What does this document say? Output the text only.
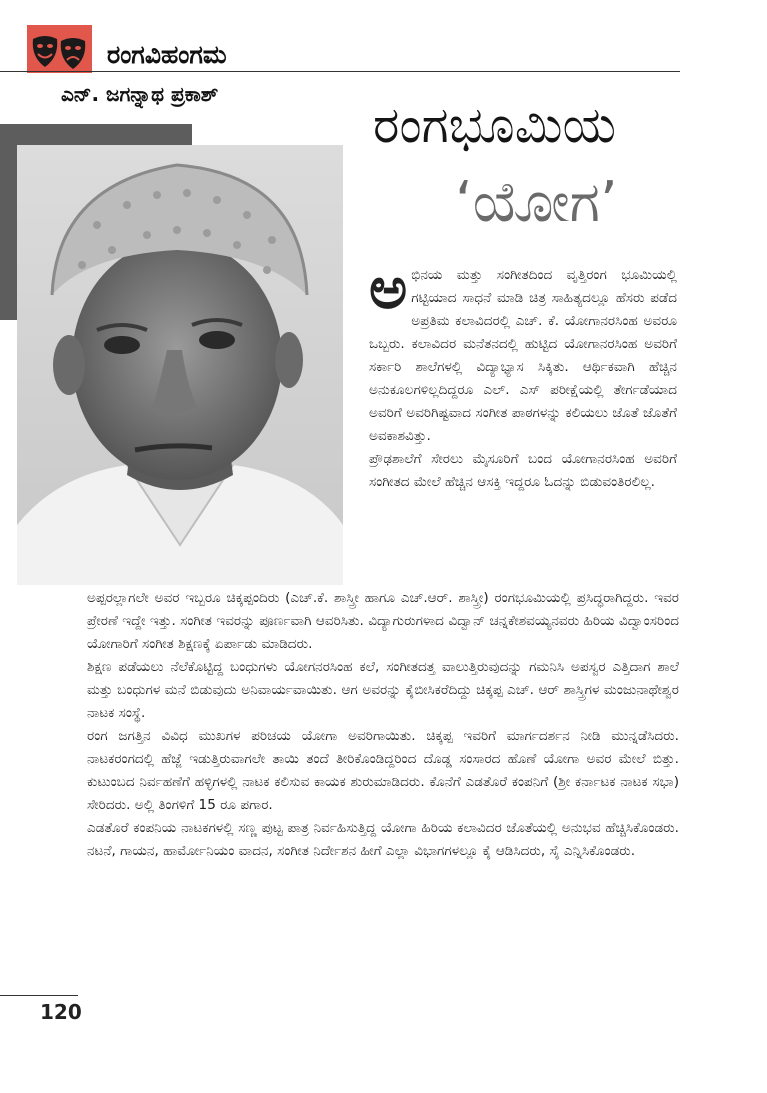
ರಂಗವಿಹಂಗಮ
ಎನ್. ಜಗನ್ನಾಥ ಪ್ರಕಾಶ್
ರಂಗಭೂಮಿಯ
‘ಯೋಗ’

ಅಭಿನಯ ಮತ್ತು ಸಂಗೀತದಿಂದ ವೃತ್ತಿರಂಗ ಭೂಮಿಯಲ್ಲಿ ಗಟ್ಟಿಯಾದ ಸಾಧನೆ ಮಾಡಿ ಚಿತ್ರ ಸಾಹಿತ್ಯದಲ್ಲೂ ಹೆಸರು ಪಡೆದ ಅಪ್ರತಿಮ ಕಲಾವಿದರಲ್ಲಿ ಎಚ್. ಕೆ. ಯೋಗಾನರಸಿಂಹ ಅವರೂ ಒಬ್ಬರು. ಕಲಾವಿದರ ಮನೆತನದಲ್ಲಿ ಹುಟ್ಟಿದ ಯೋಗಾನರಸಿಂಹ ಅವರಿಗೆ ಸರ್ಕಾರಿ ಶಾಲೆಗಳಲ್ಲಿ ವಿದ್ಯಾಭ್ಯಾಸ ಸಿಕ್ಕಿತು. ಆರ್ಥಿಕವಾಗಿ ಹೆಚ್ಚಿನ ಅನುಕೂಲಗಳಿಲ್ಲದಿದ್ದರೂ ಎಲ್. ಎಸ್ ಪರೀಕ್ಷೆಯಲ್ಲಿ ತೇರ್ಗಡೆಯಾದ ಅವರಿಗೆ ಅವರಿಗಿಷ್ಟವಾದ ಸಂಗೀತ ಪಾಠಗಳನ್ನು ಕಲಿಯಲು ಜೊತೆ ಜೊತೆಗೆ ಅವಕಾಶವಿತ್ತು.

ಪ್ರೌಢಶಾಲೆಗೆ ಸೇರಲು ಮೈಸೂರಿಗೆ ಬಂದ ಯೋಗಾನರಸಿಂಹ ಅವರಿಗೆ ಸಂಗೀತದ ಮೇಲೆ ಹೆಚ್ಚಿನ ಆಸಕ್ತಿ ಇದ್ದರೂ ಓದನ್ನು ಬಿಡುವಂತಿರಲಿಲ್ಲ.

ಅಪ್ಪರಲ್ಲಾಗಲೇ ಅವರ ಇಬ್ಬರೂ ಚಿಕ್ಕಪ್ಪಂದಿರು (ಎಚ್.ಕೆ. ಶಾಸ್ತ್ರೀ ಹಾಗೂ ಎಚ್.ಆರ್. ಶಾಸ್ತ್ರೀ) ರಂಗಭೂಮಿಯಲ್ಲಿ ಪ್ರಸಿದ್ಧರಾಗಿದ್ದರು. ಇವರ ಪ್ರೇರಣೆ ಇದ್ದೇ ಇತ್ತು. ಸಂಗೀತ ಇವರನ್ನು ಪೂರ್ಣವಾಗಿ ಆವರಿಸಿತು. ವಿದ್ಯಾಗುರುಗಳಾದ ವಿದ್ವಾನ್ ಚನ್ನಕೇಶವಯ್ಯನವರು ಹಿರಿಯ ವಿದ್ವಾಂಸರಿಂದ ಯೋಗಾರಿಗೆ ಸಂಗೀತ ಶಿಕ್ಷಣಕ್ಕೆ ಏರ್ಪಾಡು ಮಾಡಿದರು.

ಶಿಕ್ಷಣ ಪಡೆಯಲು ನೆಲೆಕೊಟ್ಟಿದ್ದ ಬಂಧುಗಳು ಯೋಗನರಸಿಂಹ ಕಲೆ, ಸಂಗೀತದತ್ತ ವಾಲುತ್ತಿರುವುದನ್ನು ಗಮನಿಸಿ ಅಪಸ್ವರ ಎತ್ತಿದಾಗ ಶಾಲೆ ಮತ್ತು ಬಂಧುಗಳ ಮನೆ ಬಿಡುವುದು ಅನಿವಾರ್ಯವಾಯಿತು. ಆಗ ಅವರನ್ನು ಕೈಬೀಸಿಕರೆದಿದ್ದು ಚಿಕ್ಕಪ್ಪ ಎಚ್. ಆರ್ ಶಾಸ್ತ್ರಿಗಳ ಮಂಜುನಾಥೇಶ್ವರ ನಾಟಕ ಸಂಸ್ಥೆ.

ರಂಗ ಜಗತ್ತಿನ ವಿವಿಧ ಮುಖಗಳ ಪರಿಚಯ ಯೋಗಾ ಅವರಿಗಾಯಿತು. ಚಿಕ್ಕಪ್ಪ ಇವರಿಗೆ ಮಾರ್ಗದರ್ಶನ ನೀಡಿ ಮುನ್ನಡೆಸಿದರು. ನಾಟಕರಂಗದಲ್ಲಿ ಹೆಜ್ಜೆ ಇಡುತ್ತಿರುವಾಗಲೇ ತಾಯಿ ತಂದೆ ತೀರಿಕೊಂಡಿದ್ದರಿಂದ ದೊಡ್ಡ ಸಂಸಾರದ ಹೊಣೆ ಯೋಗಾ ಅವರ ಮೇಲೆ ಬಿತ್ತು. ಕುಟುಂಬದ ನಿರ್ವಹಣೆಗೆ ಹಳ್ಳಿಗಳಲ್ಲಿ ನಾಟಕ ಕಲಿಸುವ ಕಾಯಕ ಶುರುಮಾಡಿದರು. ಕೊನೆಗೆ ಎಡತೊರೆ ಕಂಪನಿಗೆ (ಶ್ರೀ ಕರ್ನಾಟಕ ನಾಟಕ ಸಭಾ) ಸೇರಿದರು. ಅಲ್ಲಿ ತಿಂಗಳಿಗೆ 15 ರೂ ಪಗಾರ.

ಎಡತೊರೆ ಕಂಪನಿಯ ನಾಟಕಗಳಲ್ಲಿ ಸಣ್ಣ ಪುಟ್ಟ ಪಾತ್ರ ನಿರ್ವಹಿಸುತ್ತಿದ್ದ ಯೋಗಾ ಹಿರಿಯ ಕಲಾವಿದರ ಜೊತೆಯಲ್ಲಿ ಅನುಭವ ಹೆಚ್ಚಿಸಿಕೊಂಡರು. ನಟನೆ, ಗಾಯನ, ಹಾರ್ಮೋನಿಯಂ ವಾದನ, ಸಂಗೀತ ನಿರ್ದೇಶನ ಹೀಗೆ ಎಲ್ಲಾ ವಿಭಾಗಗಳಲ್ಲೂ ಕೈ ಆಡಿಸಿದರು, ಸೈ ಎನ್ನಿಸಿಕೊಂಡರು.

120
